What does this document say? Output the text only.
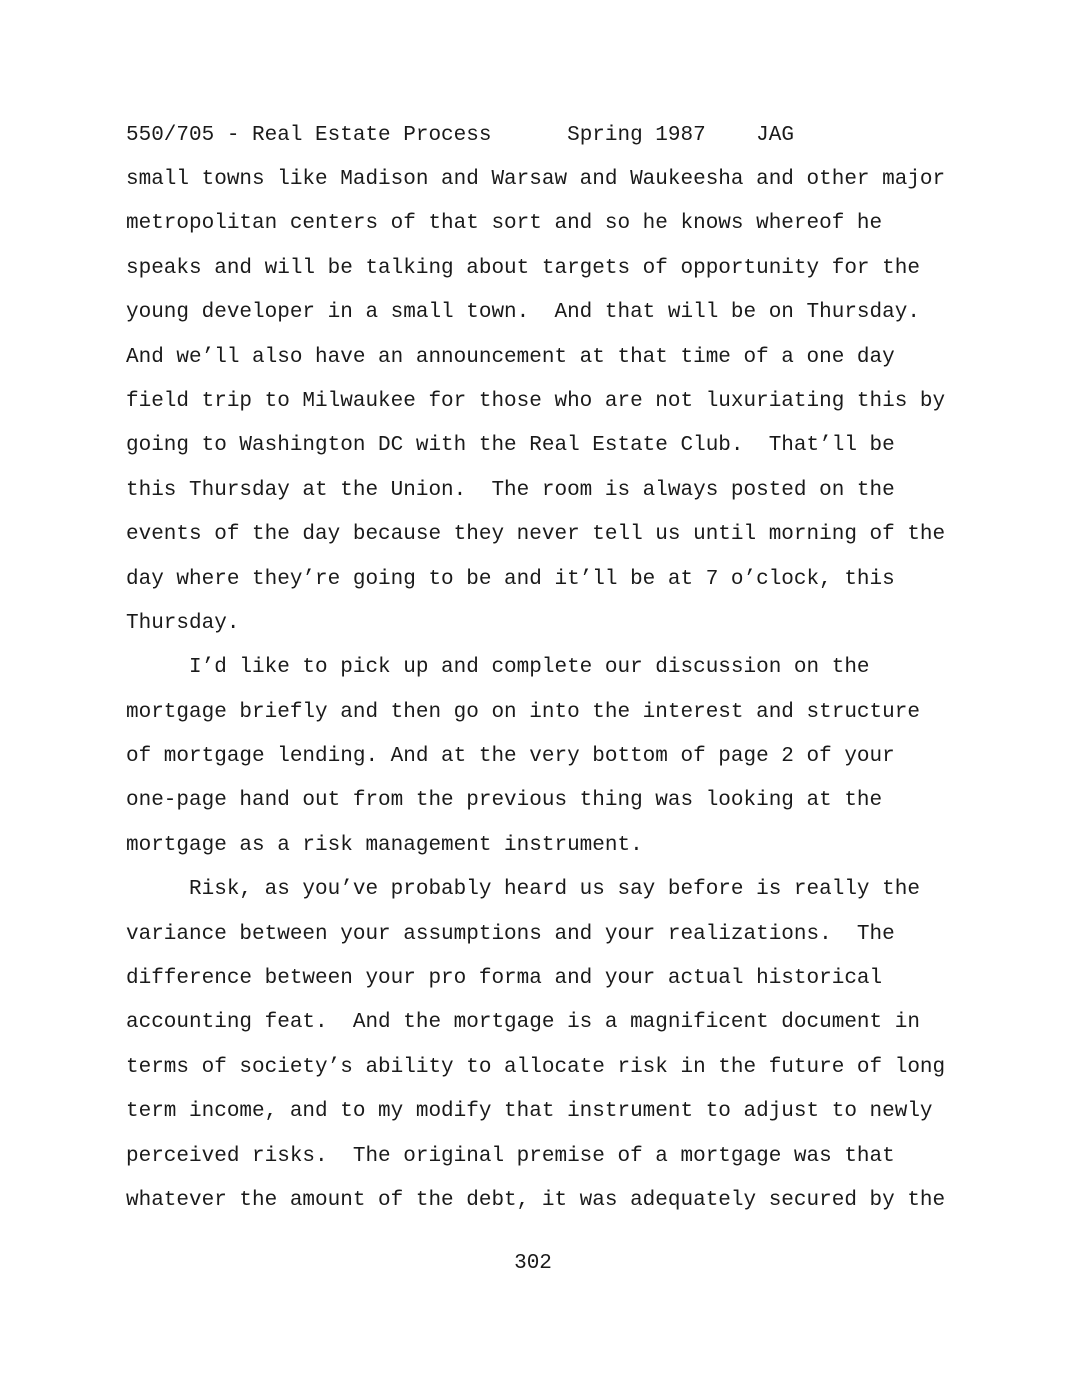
550/705 - Real Estate Process	Spring 1987 JAG
small towns like Madison and Warsaw and Waukeesha and other major
metropolitan centers of that sort and so he knows whereof he
speaks and will be talking about targets of opportunity for the
young developer in a small town.  And that will be on Thursday.
And we’ll also have an announcement at that time of a one day
field trip to Milwaukee for those who are not luxuriating this by
going to Washington DC with the Real Estate Club.  That’ll be
this Thursday at the Union.  The room is always posted on the
events of the day because they never tell us until morning of the
day where they’re going to be and it’ll be at 7 o’clock, this
Thursday.
I’d like to pick up and complete our discussion on the
mortgage briefly and then go on into the interest and structure
of mortgage lending. And at the very bottom of page 2 of your
one-page hand out from the previous thing was looking at the
mortgage as a risk management instrument.
Risk, as you’ve probably heard us say before is really the
variance between your assumptions and your realizations.  The
difference between your pro forma and your actual historical
accounting feat.  And the mortgage is a magnificent document in
terms of society’s ability to allocate risk in the future of long
term income, and to my modify that instrument to adjust to newly
perceived risks.  The original premise of a mortgage was that
whatever the amount of the debt, it was adequately secured by the
302
